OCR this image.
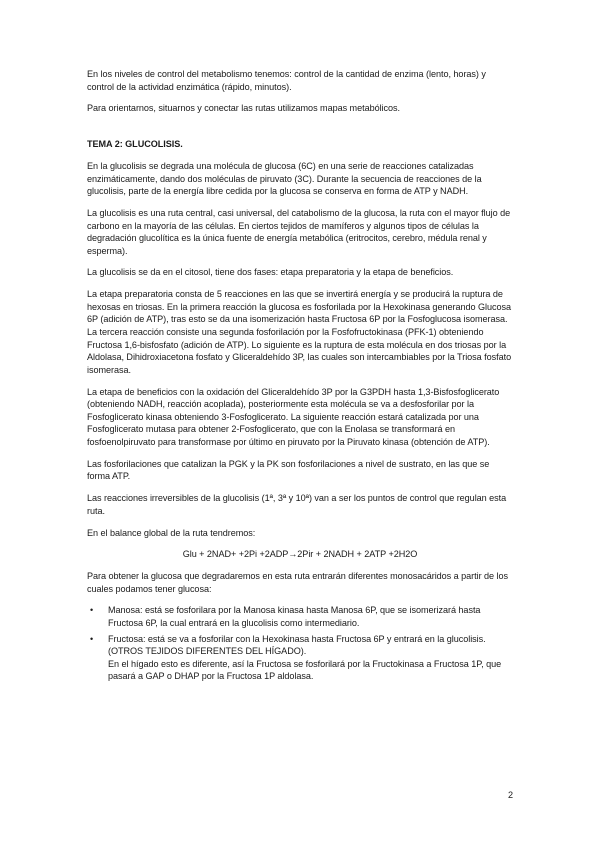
En los niveles de control del metabolismo tenemos: control de la cantidad de enzima (lento, horas) y control de la actividad enzimática (rápido, minutos).

Para orientarnos, situarnos y conectar las rutas utilizamos mapas metabólicos.

TEMA 2: GLUCOLISIS.

En la glucolisis se degrada una molécula de glucosa (6C) en una serie de reacciones catalizadas enzimáticamente, dando dos moléculas de piruvato (3C). Durante la secuencia de reacciones de la glucolisis, parte de la energía libre cedida por la glucosa se conserva en forma de ATP y NADH.

La glucolisis es una ruta central, casi universal, del catabolismo de la glucosa, la ruta con el mayor flujo de carbono en la mayoría de las células. En ciertos tejidos de mamíferos y algunos tipos de células la degradación glucolítica es la única fuente de energía metabólica (eritrocitos, cerebro, médula renal y esperma).

La glucolisis se da en el citosol, tiene dos fases: etapa preparatoria y la etapa de beneficios.

La etapa preparatoria consta de 5 reacciones en las que se invertirá energía y se producirá la ruptura de hexosas en triosas. En la primera reacción la glucosa es fosforilada por la Hexokinasa generando Glucosa 6P (adición de ATP), tras esto se da una isomerización hasta Fructosa 6P por la Fosfoglucosa isomerasa. La tercera reacción consiste una segunda fosforilación por la Fosfofructokinasa (PFK-1) obteniendo Fructosa 1,6-bisfosfato (adición de ATP). Lo siguiente es la ruptura de esta molécula en dos triosas por la Aldolasa, Dihidroxiacetona fosfato y Gliceraldehído 3P, las cuales son intercambiables por la Triosa fosfato isomerasa.

La etapa de beneficios con la oxidación del Gliceraldehído 3P por la G3PDH hasta 1,3-Bisfosfoglicerato (obteniendo NADH, reacción acoplada), posteriormente esta molécula se va a desfosforilar por la Fosfoglicerato kinasa obteniendo 3-Fosfoglicerato. La siguiente reacción estará catalizada por una Fosfoglicerato mutasa para obtener 2-Fosfoglicerato, que con la Enolasa se transformará en fosfoenolpiruvato para transformase por último en piruvato por la Piruvato kinasa (obtención de ATP).

Las fosforilaciones que catalizan la PGK y la PK son fosforilaciones a nivel de sustrato, en las que se forma ATP.

Las reacciones irreversibles de la glucolisis (1ª, 3ª y 10ª) van a ser los puntos de control que regulan esta ruta.

En el balance global de la ruta tendremos:

Glu + 2NAD+ +2Pi +2ADP→2Pir + 2NADH + 2ATP +2H2O

Para obtener la glucosa que degradaremos en esta ruta entrarán diferentes monosacáridos a partir de los cuales podamos tener glucosa:

• Manosa: está se fosforilara por la Manosa kinasa hasta Manosa 6P, que se isomerizará hasta Fructosa 6P, la cual entrará en la glucolisis como intermediario.
• Fructosa: está se va a fosforilar con la Hexokinasa hasta Fructosa 6P y entrará en la glucolisis. (OTROS TEJIDOS DIFERENTES DEL HÍGADO).
En el hígado esto es diferente, así la Fructosa se fosforilará por la Fructokinasa a Fructosa 1P, que pasará a GAP o DHAP por la Fructosa 1P aldolasa.
2
